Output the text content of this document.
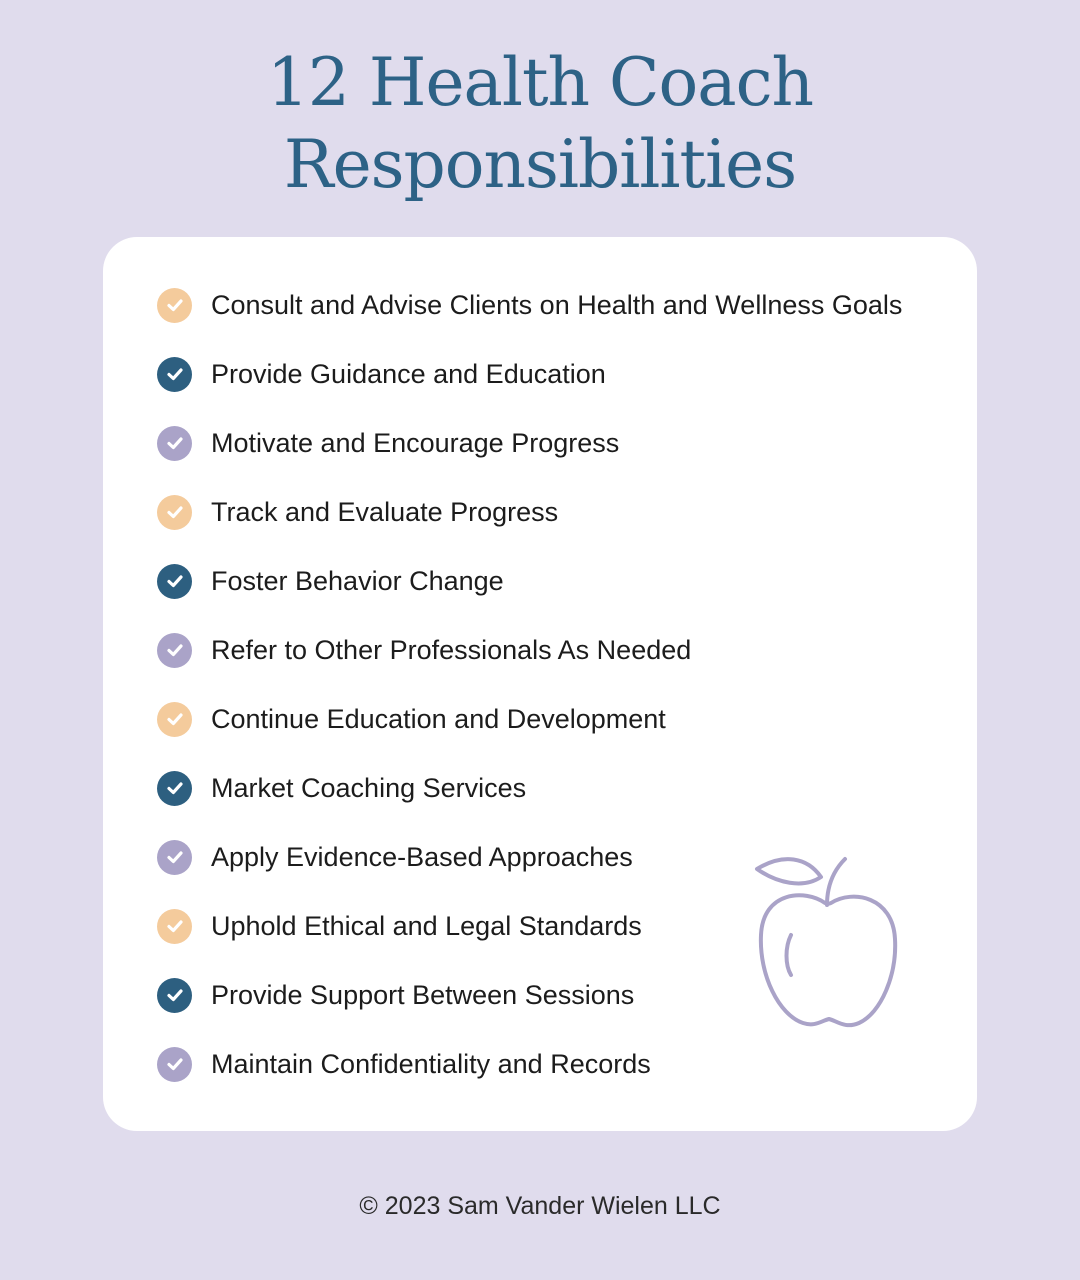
12 Health Coach
Responsibilities
Consult and Advise Clients on Health and Wellness Goals
Provide Guidance and Education
Motivate and Encourage Progress
Track and Evaluate Progress
Foster Behavior Change
Refer to Other Professionals As Needed
Continue Education and Development
Market Coaching Services
Apply Evidence-Based Approaches
Uphold Ethical and Legal Standards
Provide Support Between Sessions
Maintain Confidentiality and Records
© 2023 Sam Vander Wielen LLC
